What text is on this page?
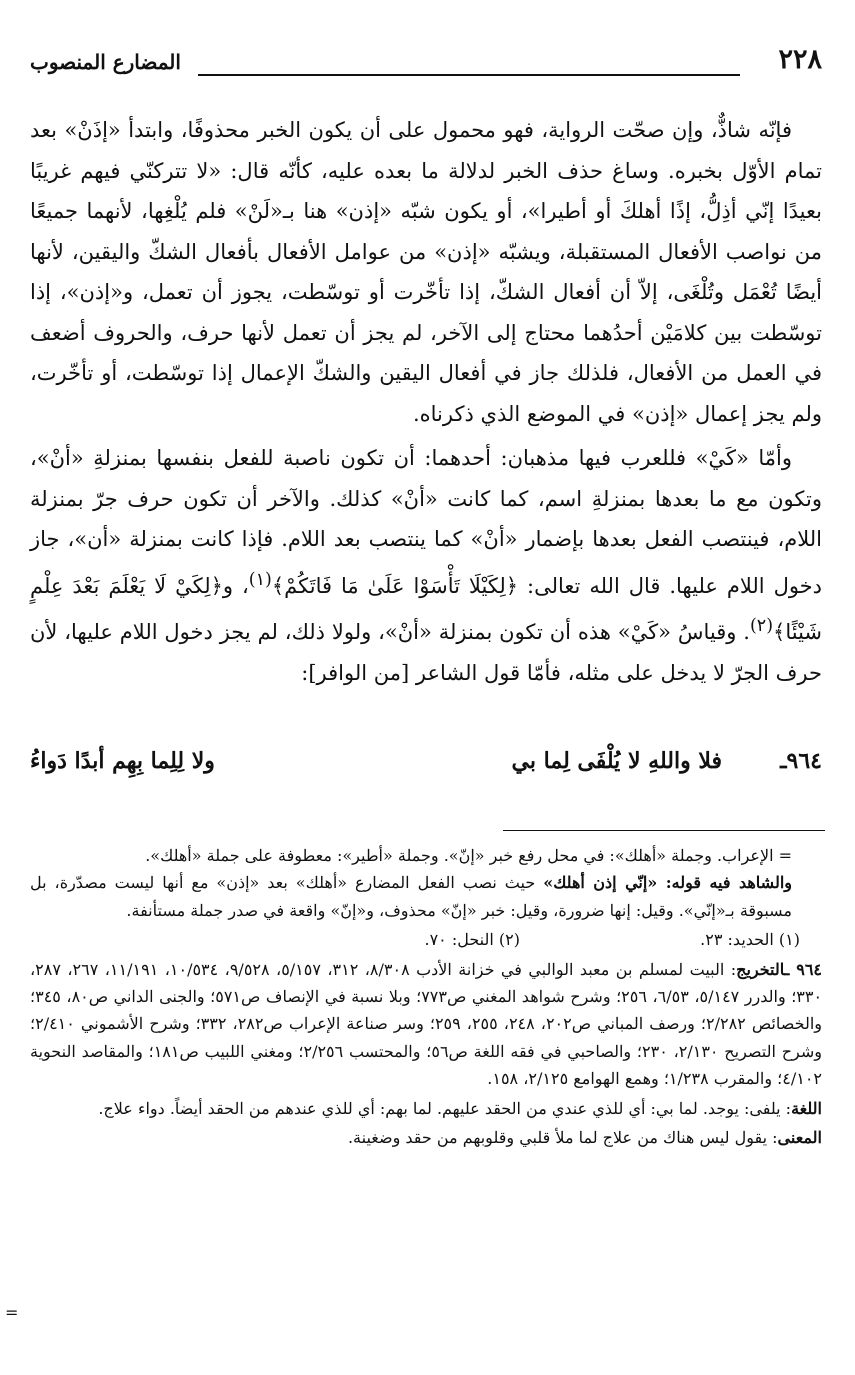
٢٢٨
المضارع المنصوب

فإنّه شاذٌّ، وإن صحّت الرواية، فهو محمول على أن يكون الخبر محذوفًا، وابتدأ «إذَنْ» بعد تمام الأوّل بخبره. وساغ حذف الخبر لدلالة ما بعده عليه، كأنّه قال: «لا تتركنّي فيهم غريبًا بعيدًا إنّي أذِلُّ، إذًا أهلكَ أو أطيرا»، أو يكون شبّه «إذن» هنا بـ«لَنْ» فلم يُلْغِها، لأنهما جميعًا من نواصب الأفعال المستقبلة، ويشبّه «إذن» من عوامل الأفعال بأفعال الشكّ واليقين، لأنها أيضًا تُعْمَل وتُلْغَى، إلاّ أن أفعال الشكّ، إذا تأخّرت أو توسّطت، يجوز أن تعمل، و«إذن»، إذا توسّطت بين كلامَيْن أحدُهما محتاج إلى الآخر، لم يجز أن تعمل لأنها حرف، والحروف أضعف في العمل من الأفعال، فلذلك جاز في أفعال اليقين والشكّ الإعمال إذا توسّطت، أو تأخّرت، ولم يجز إعمال «إذن» في الموضع الذي ذكرناه.

وأمّا «كَيْ» فللعرب فيها مذهبان: أحدهما: أن تكون ناصبة للفعل بنفسها بمنزلةِ «أنْ»، وتكون مع ما بعدها بمنزلةِ اسم، كما كانت «أنْ» كذلك. والآخر أن تكون حرف جرّ بمنزلة اللام، فينتصب الفعل بعدها بإضمار «أنْ» كما ينتصب بعد اللام. فإذا كانت بمنزلة «أن»، جاز دخول اللام عليها. قال الله تعالى: ﴿لِكَيْلَا تَأْسَوْا عَلَىٰ مَا فَاتَكُمْ﴾$^{(١)}$، و﴿لِكَيْ لَا يَعْلَمَ بَعْدَ عِلْمٍ شَيْئًا﴾$^{(٢)}$. وقياسُ «كَيْ» هذه أن تكون بمنزلة «أنْ»، ولولا ذلك، لم يجز دخول اللام عليها، لأن حرف الجرّ لا يدخل على مثله، فأمّا قول الشاعر [من الوافر]:

٩٦٤ـ
فلا واللهِ لا يُلْفَى لِما بي
ولا لِلِما بِهِم أبدًا دَواءُ

= الإعراب. وجملة «أهلك»: في محل رفع خبر «إنّ». وجملة «أطير»: معطوفة على جملة «أهلك».

والشاهد فيه قوله: «إنّي إذن أهلك» حيث نصب الفعل المضارع «أهلك» بعد «إذن» مع أنها ليست مصدّرة، بل مسبوقة بـ«إنّي». وقيل: إنها ضرورة، وقيل: خبر «إنّ» محذوف، و«إنّ» واقعة في صدر جملة مستأنفة.

(١) الحديد: ٢٣.(٢) النحل: ٧٠.

٩٦٤ ـالتخريج: البيت لمسلم بن معبد الوالبي في خزانة الأدب ٨/٣٠٨، ٣١٢، ٥/١٥٧، ٩/٥٢٨، ١٠/٥٣٤، ١١/١٩١، ٢٦٧، ٢٨٧، ٣٣٠؛ والدرر ٥/١٤٧، ٦/٥٣، ٢٥٦؛ وشرح شواهد المغني ص٧٧٣؛ وبلا نسبة في الإنصاف ص٥٧١؛ والجنى الداني ص٨٠، ٣٤٥؛ والخصائص ٢/٢٨٢؛ ورصف المباني ص٢٠٢، ٢٤٨، ٢٥٥، ٢٥٩؛ وسر صناعة الإعراب ص٢٨٢، ٣٣٢؛ وشرح الأشموني ٢/٤١٠؛ وشرح التصريح ٢/١٣٠، ٢٣٠؛ والصاحبي في فقه اللغة ص٥٦؛ والمحتسب ٢/٢٥٦؛ ومغني اللبيب ص١٨١؛ والمقاصد النحوية ٤/١٠٢؛ والمقرب ١/٢٣٨؛ وهمع الهوامع ٢/١٢٥، ١٥٨.

اللغة: يلفى: يوجد. لما بي: أي للذي عندي من الحقد عليهم. لما بهم: أي للذي عندهم من الحقد أيضاً. دواء علاج.

المعنى: يقول ليس هناك من علاج لما ملأ قلبي وقلوبهم من حقد وضغينة.

=
